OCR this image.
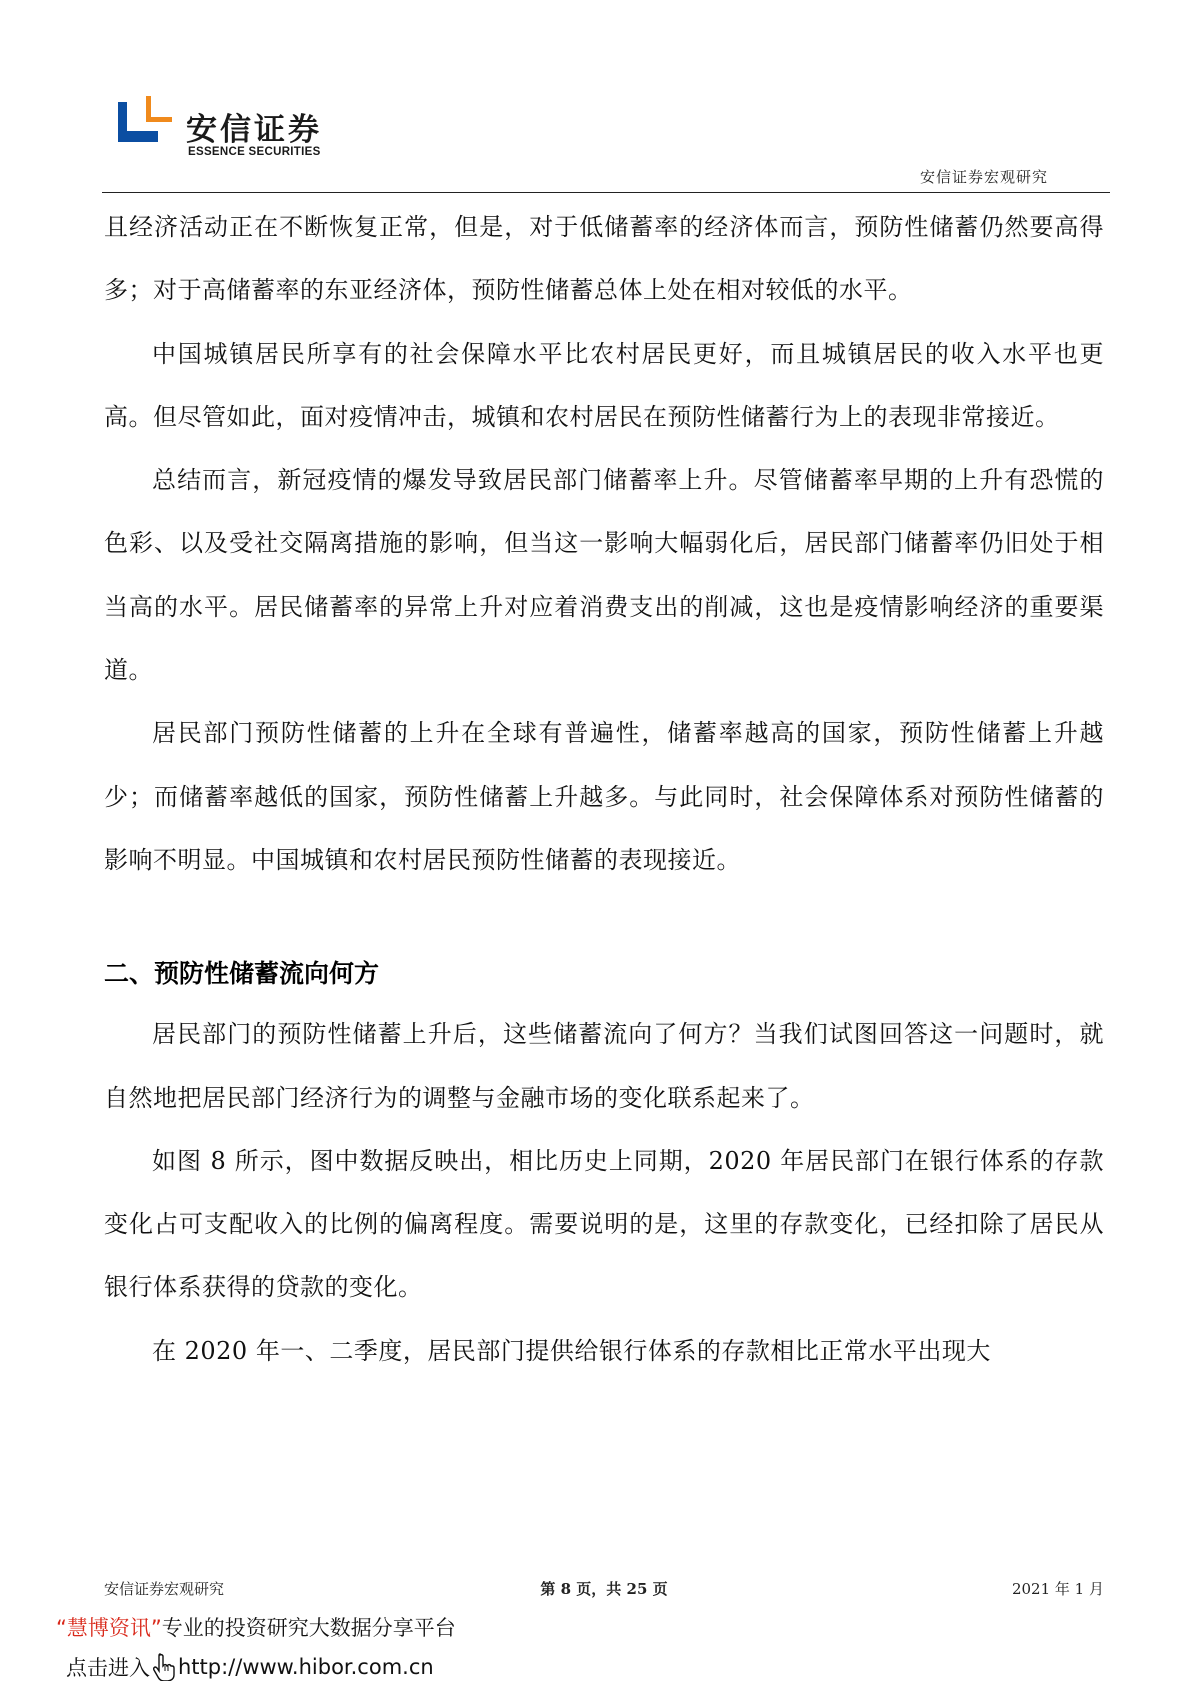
安信证券
ESSENCE SECURITIES
安信证券宏观研究

且经济活动正在不断恢复正常，但是，对于低储蓄率的经济体而言，预防性储蓄仍然要高得多；对于高储蓄率的东亚经济体，预防性储蓄总体上处在相对较低的水平。

中国城镇居民所享有的社会保障水平比农村居民更好，而且城镇居民的收入水平也更高。但尽管如此，面对疫情冲击，城镇和农村居民在预防性储蓄行为上的表现非常接近。

总结而言，新冠疫情的爆发导致居民部门储蓄率上升。尽管储蓄率早期的上升有恐慌的色彩、以及受社交隔离措施的影响，但当这一影响大幅弱化后，居民部门储蓄率仍旧处于相当高的水平。居民储蓄率的异常上升对应着消费支出的削减，这也是疫情影响经济的重要渠道。

居民部门预防性储蓄的上升在全球有普遍性，储蓄率越高的国家，预防性储蓄上升越少；而储蓄率越低的国家，预防性储蓄上升越多。与此同时，社会保障体系对预防性储蓄的影响不明显。中国城镇和农村居民预防性储蓄的表现接近。

二、预防性储蓄流向何方

居民部门的预防性储蓄上升后，这些储蓄流向了何方？当我们试图回答这一问题时，就自然地把居民部门经济行为的调整与金融市场的变化联系起来了。

如图 8 所示，图中数据反映出，相比历史上同期，2020 年居民部门在银行体系的存款变化占可支配收入的比例的偏离程度。需要说明的是，这里的存款变化，已经扣除了居民从银行体系获得的贷款的变化。

在 2020 年一、二季度，居民部门提供给银行体系的存款相比正常水平出现大

安信证券宏观研究	第 8 页，共 25 页	2021 年 1 月
“慧博资讯”专业的投资研究大数据分享平台
点击进入 http://www.hibor.com.cn
